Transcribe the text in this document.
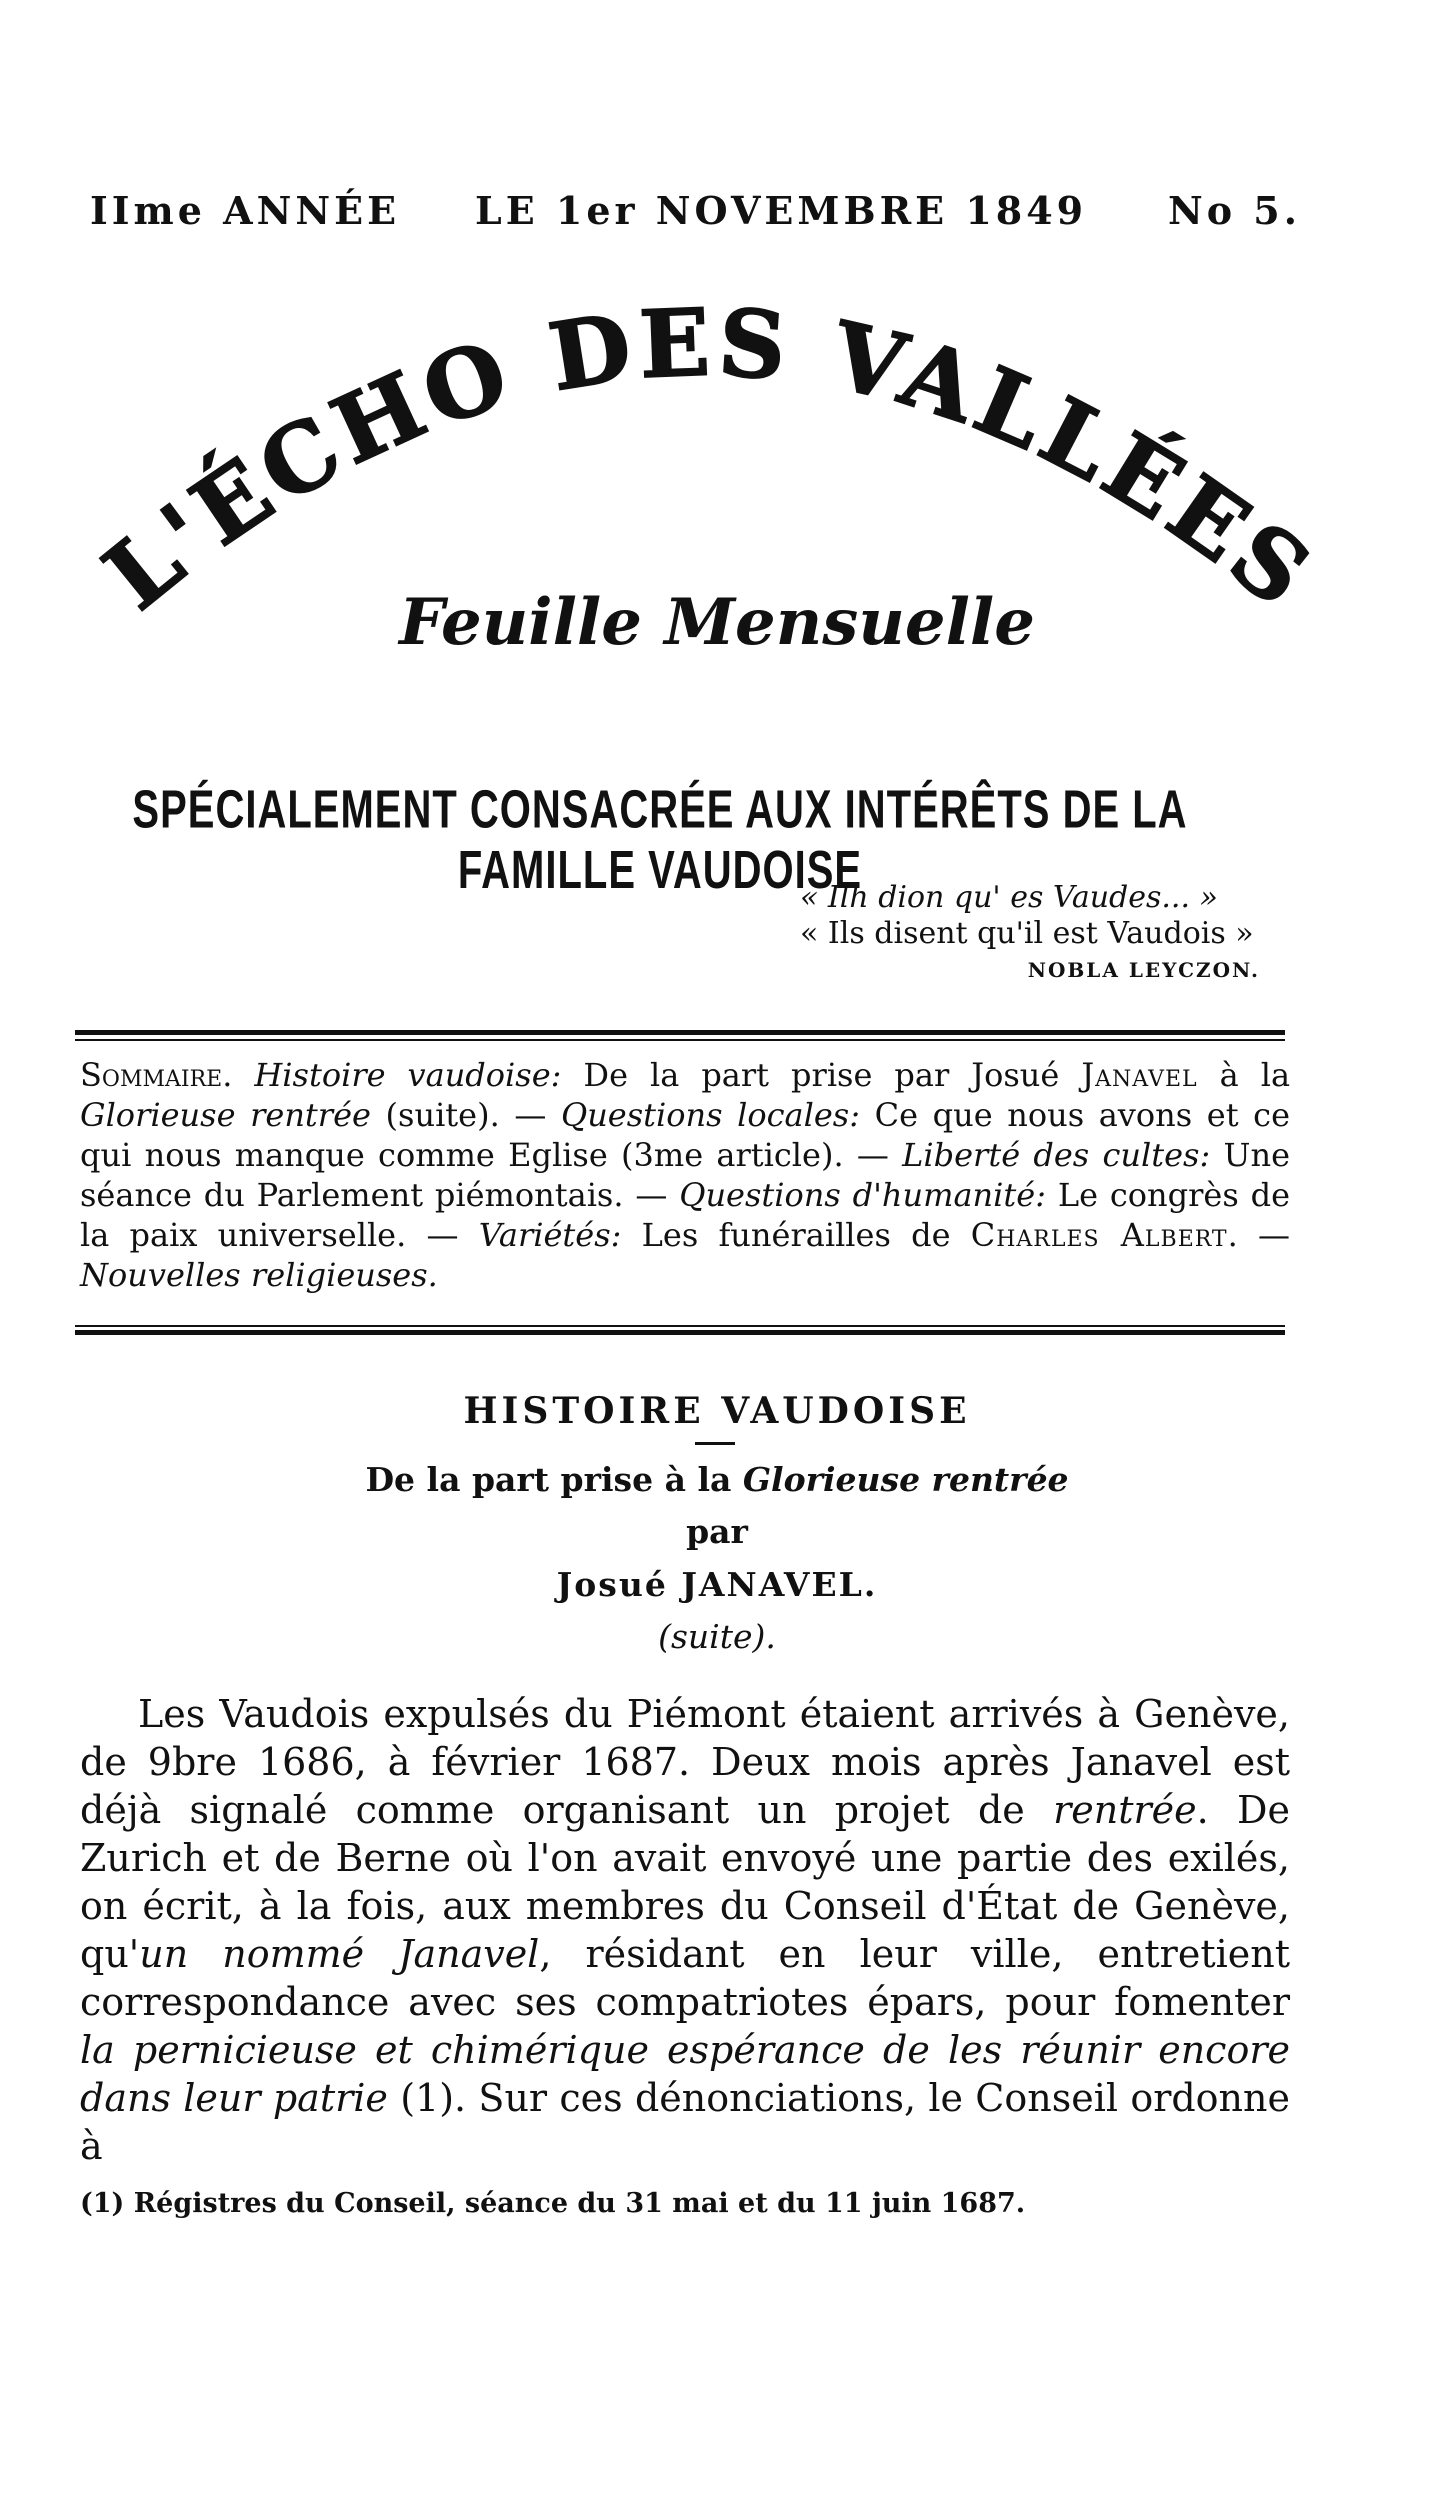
IIme ANNÉE LE 1er NOVEMBRE 1849 No 5.
L'ÉCHO DES VALLÉES
Feuille Mensuelle
SPÉCIALEMENT CONSACRÉE AUX INTÉRÊTS DE LA FAMILLE VAUDOISE
« Ilh dion qu' es Vaudes... »
« Ils disent qu'il est Vaudois »
NOBLA LEYCZON.
Sommaire. Histoire vaudoise: De la part prise par Josué Janavel à la Glorieuse rentrée (suite). — Questions locales: Ce que nous avons et ce qui nous manque comme Eglise (3me article). — Liberté des cultes: Une séance du Parlement piémontais. — Questions d'humanité: Le congrès de la paix universelle. — Variétés: Les funérailles de Charles Albert. — Nouvelles religieuses.
HISTOIRE VAUDOISE
De la part prise à la Glorieuse rentrée
par
Josué JANAVEL.
(suite).
Les Vaudois expulsés du Piémont étaient arrivés à Genève, de 9bre 1686, à février 1687. Deux mois après Janavel est déjà signalé comme organisant un projet de rentrée. De Zurich et de Berne où l'on avait envoyé une partie des exilés, on écrit, à la fois, aux membres du Conseil d'État de Genève, qu'un nommé Janavel, résidant en leur ville, entretient correspondance avec ses compatriotes épars, pour fomenter la pernicieuse et chimérique espérance de les réunir encore dans leur patrie (1). Sur ces dénonciations, le Conseil ordonne à
(1) Régistres du Conseil, séance du 31 mai et du 11 juin 1687.
